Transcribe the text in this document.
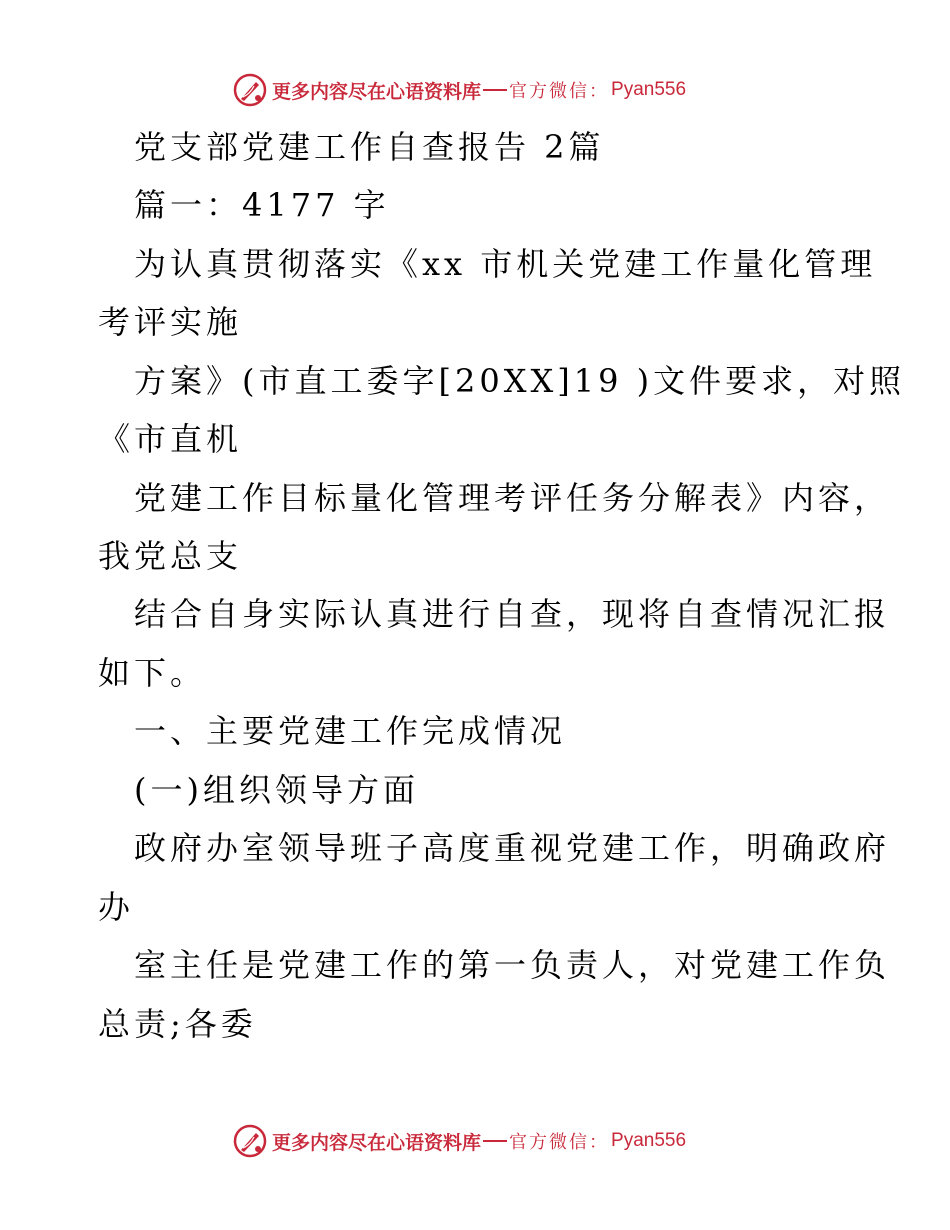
更多内容尽在心语资料库 官方微信： Pyan556
党支部党建工作自查报告 2篇
篇一：4177 字
为认真贯彻落实《xx 市机关党建工作量化管理
考评实施
方案》(市直工委字[20XX]19 )文件要求，对照
《市直机
党建工作目标量化管理考评任务分解表》内容，
我党总支
结合自身实际认真进行自查，现将自查情况汇报
如下。
一、主要党建工作完成情况
(一)组织领导方面
政府办室领导班子高度重视党建工作，明确政府
办
室主任是党建工作的第一负责人，对党建工作负
总责;各委
更多内容尽在心语资料库 官方微信： Pyan556
